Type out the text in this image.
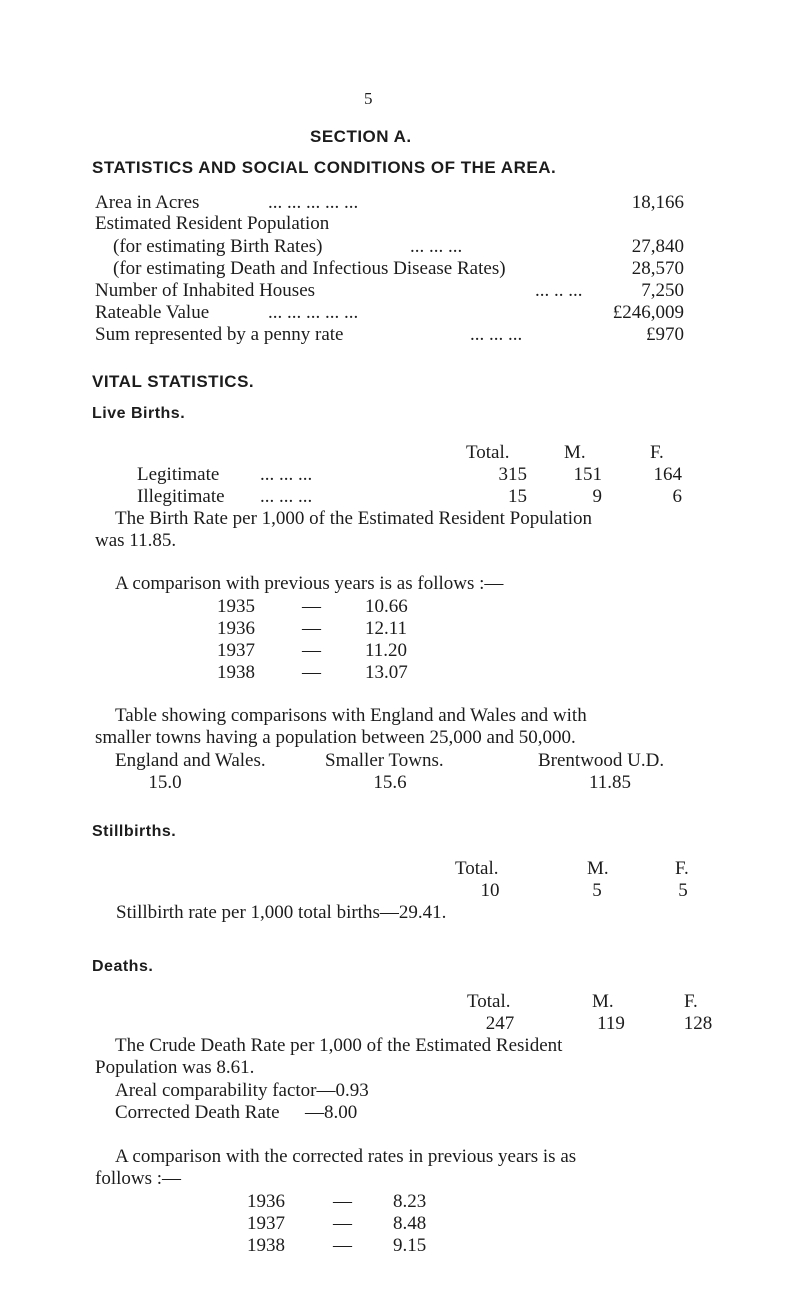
5
SECTION A.
STATISTICS AND SOCIAL CONDITIONS OF THE AREA.
Area in Acres	... ... ... ... ...	18,166
Estimated Resident Population
(for estimating Birth Rates)	... ... ...	27,840
(for estimating Death and Infectious Disease Rates)	28,570
Number of Inhabited Houses	... .. ...	7,250
Rateable Value	... ... ... ... ...	£246,009
Sum represented by a penny rate	... ... ...	£970
VITAL STATISTICS.
Live Births.
Total.	M.	F.
Legitimate ... ... ...	315	151	164
Illegitimate ... ... ...	15	9	6
The Birth Rate per 1,000 of the Estimated Resident Population
was 11.85.
A comparison with previous years is as follows :—
1935 — 10.66
1936 — 12.11
1937 — 11.20
1938 — 13.07
Table showing comparisons with England and Wales and with
smaller towns having a population between 25,000 and 50,000.
England and Wales.	Smaller Towns.	Brentwood U.D.
15.0	15.6	11.85
Stillbirths.
Total.	M.	F.
10	5	5
Stillbirth rate per 1,000 total births—29.41.
Deaths.
Total.	M.	F.
247	119	128
The Crude Death Rate per 1,000 of the Estimated Resident
Population was 8.61.
Areal comparability factor—0.93
Corrected Death Rate —8.00
A comparison with the corrected rates in previous years is as
follows :—
1936	— 8.23
1937	— 8.48
1938	— 9.15
